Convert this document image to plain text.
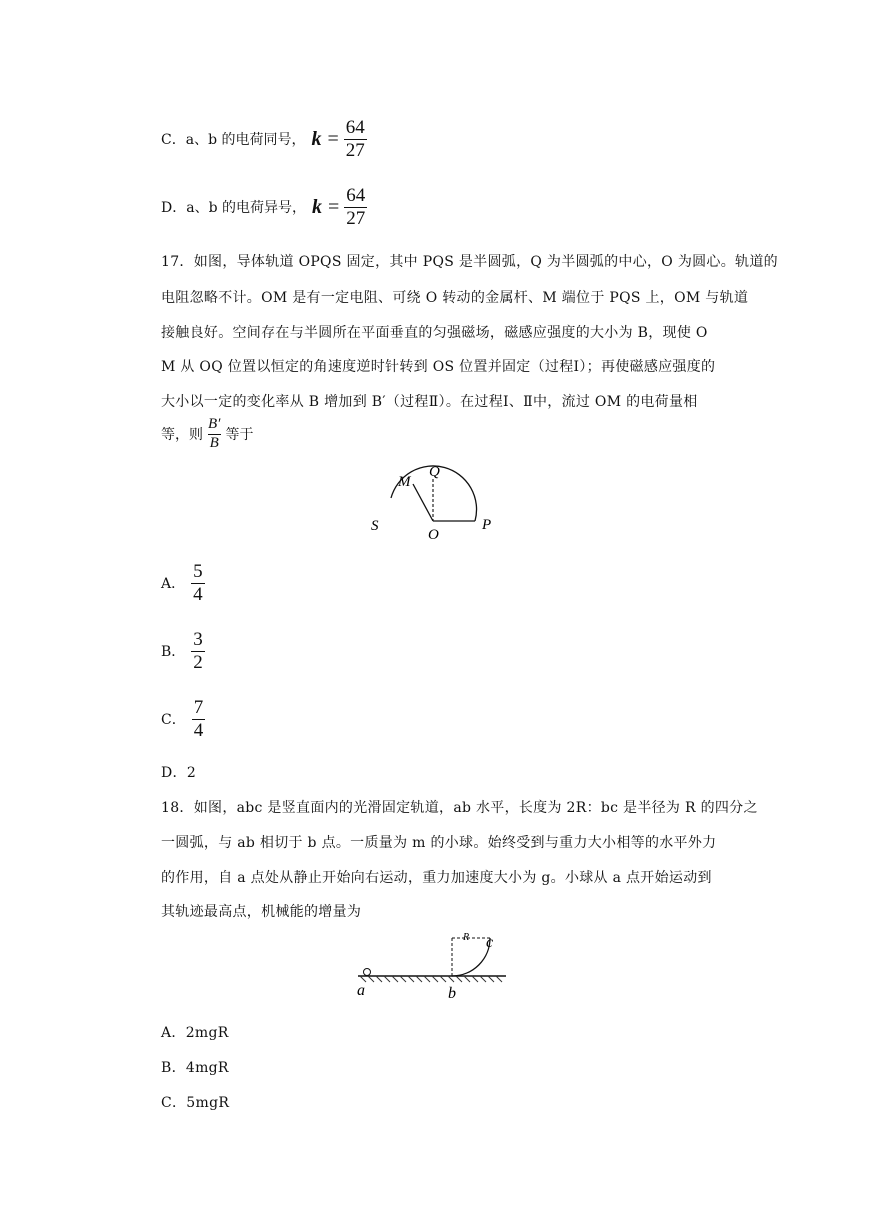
C． a、b 的电荷同号， $k = \frac{64}{27}$
D． a、b 的电荷异号， $k = \frac{64}{27}$
17．如图，导体轨道 OPQS 固定，其中 PQS 是半圆弧，Q 为半圆弧的中心，O 为圆心。轨道的
电阻忽略不计。OM 是有一定电阻、可绕 O 转动的金属杆、M 端位于 PQS 上，OM 与轨道
接触良好。空间存在与半圆所在平面垂直的匀强磁场，磁感应强度的大小为 B，现使 O
M 从 OQ 位置以恒定的角速度逆时针转到 OS 位置并固定（过程Ⅰ）；再使磁感应强度的
大小以一定的变化率从 B 增加到 B′（过程Ⅱ）。在过程Ⅰ、Ⅱ中，流过 OM 的电荷量相
等，则 $\frac{B'}{B}$ 等于
M
Q
S
O
P
A． $\frac{5}{4}$
B． $\frac{3}{2}$
C． $\frac{7}{4}$
D．2
18．如图，abc 是竖直面内的光滑固定轨道，ab 水平，长度为 2R：bc 是半径为 R 的四分之
一圆弧，与 ab 相切于 b 点。一质量为 m 的小球。始终受到与重力大小相等的水平外力
的作用，自 a 点处从静止开始向右运动，重力加速度大小为 g。小球从 a 点开始运动到
其轨迹最高点，机械能的增量为
R c
a	b
A．2mgR
B．4mgR
C．5mgR
